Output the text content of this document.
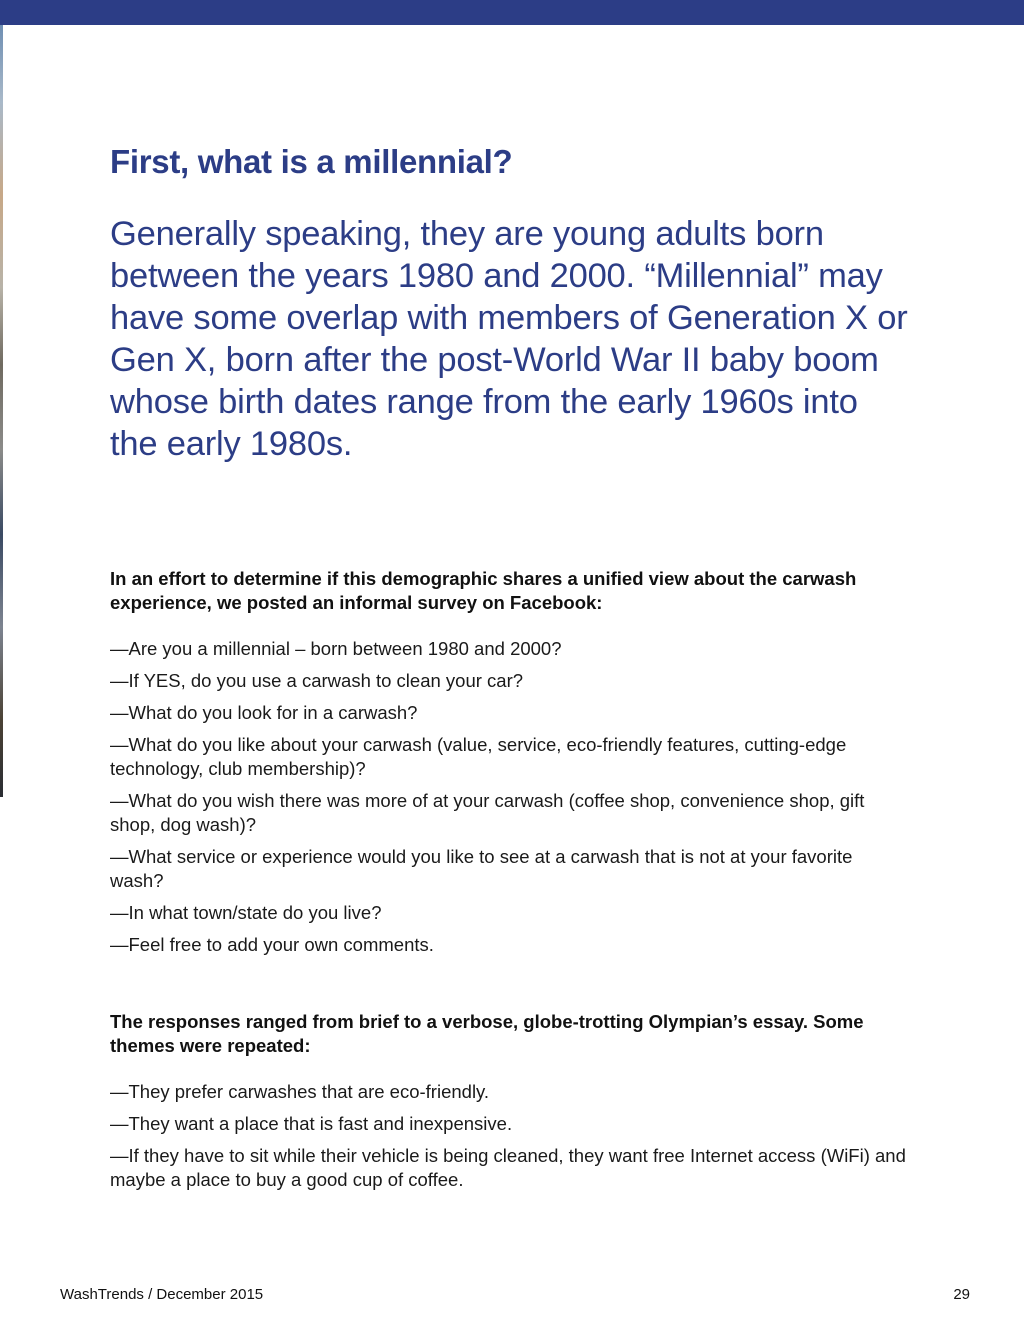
First, what is a millennial?

Generally speaking, they are young adults born between the years 1980 and 2000. “Millennial” may have some overlap with members of Generation X or Gen X, born after the post-World War II baby boom whose birth dates range from the early 1960s into the early 1980s.

In an effort to determine if this demographic shares a unified view about the carwash experience, we posted an informal survey on Facebook:

—Are you a millennial – born between 1980 and 2000?
—If YES, do you use a carwash to clean your car?
—What do you look for in a carwash?
—What do you like about your carwash (value, service, eco-friendly features, cutting-edge technology, club membership)?
—What do you wish there was more of at your carwash (coffee shop, convenience shop, gift shop, dog wash)?
—What service or experience would you like to see at a carwash that is not at your favorite wash?
—In what town/state do you live?
—Feel free to add your own comments.

The responses ranged from brief to a verbose, globe-trotting Olympian’s essay. Some themes were repeated:

—They prefer carwashes that are eco-friendly.
—They want a place that is fast and inexpensive.
—If they have to sit while their vehicle is being cleaned, they want free Internet access (WiFi) and maybe a place to buy a good cup of coffee.
WashTrends / December 2015	29
